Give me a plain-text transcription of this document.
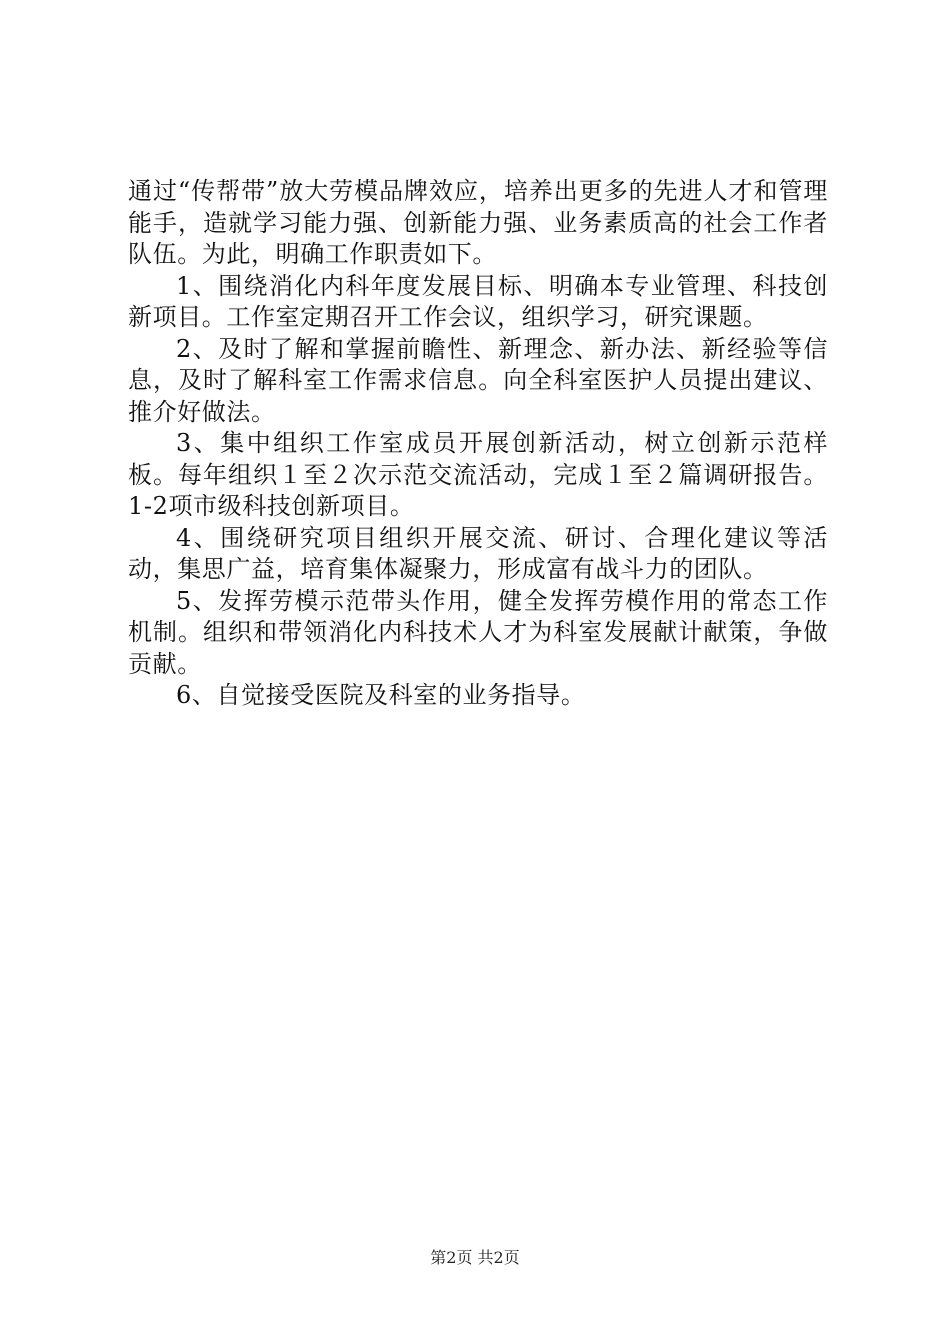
通过“传帮带”放大劳模品牌效应，培养出更多的先进人才和管理能手，造就学习能力强、创新能力强、业务素质高的社会工作者队伍。为此，明确工作职责如下。

1、围绕消化内科年度发展目标、明确本专业管理、科技创新项目。工作室定期召开工作会议，组织学习，研究课题。

2、及时了解和掌握前瞻性、新理念、新办法、新经验等信息，及时了解科室工作需求信息。向全科室医护人员提出建议、推介好做法。

3、集中组织工作室成员开展创新活动，树立创新示范样板。每年组织１至２次示范交流活动，完成１至２篇调研报告。1-2项市级科技创新项目。

4、围绕研究项目组织开展交流、研讨、合理化建议等活动，集思广益，培育集体凝聚力，形成富有战斗力的团队。

5、发挥劳模示范带头作用，健全发挥劳模作用的常态工作机制。组织和带领消化内科技术人才为科室发展献计献策，争做贡献。

6、自觉接受医院及科室的业务指导。

第2页 共2页
